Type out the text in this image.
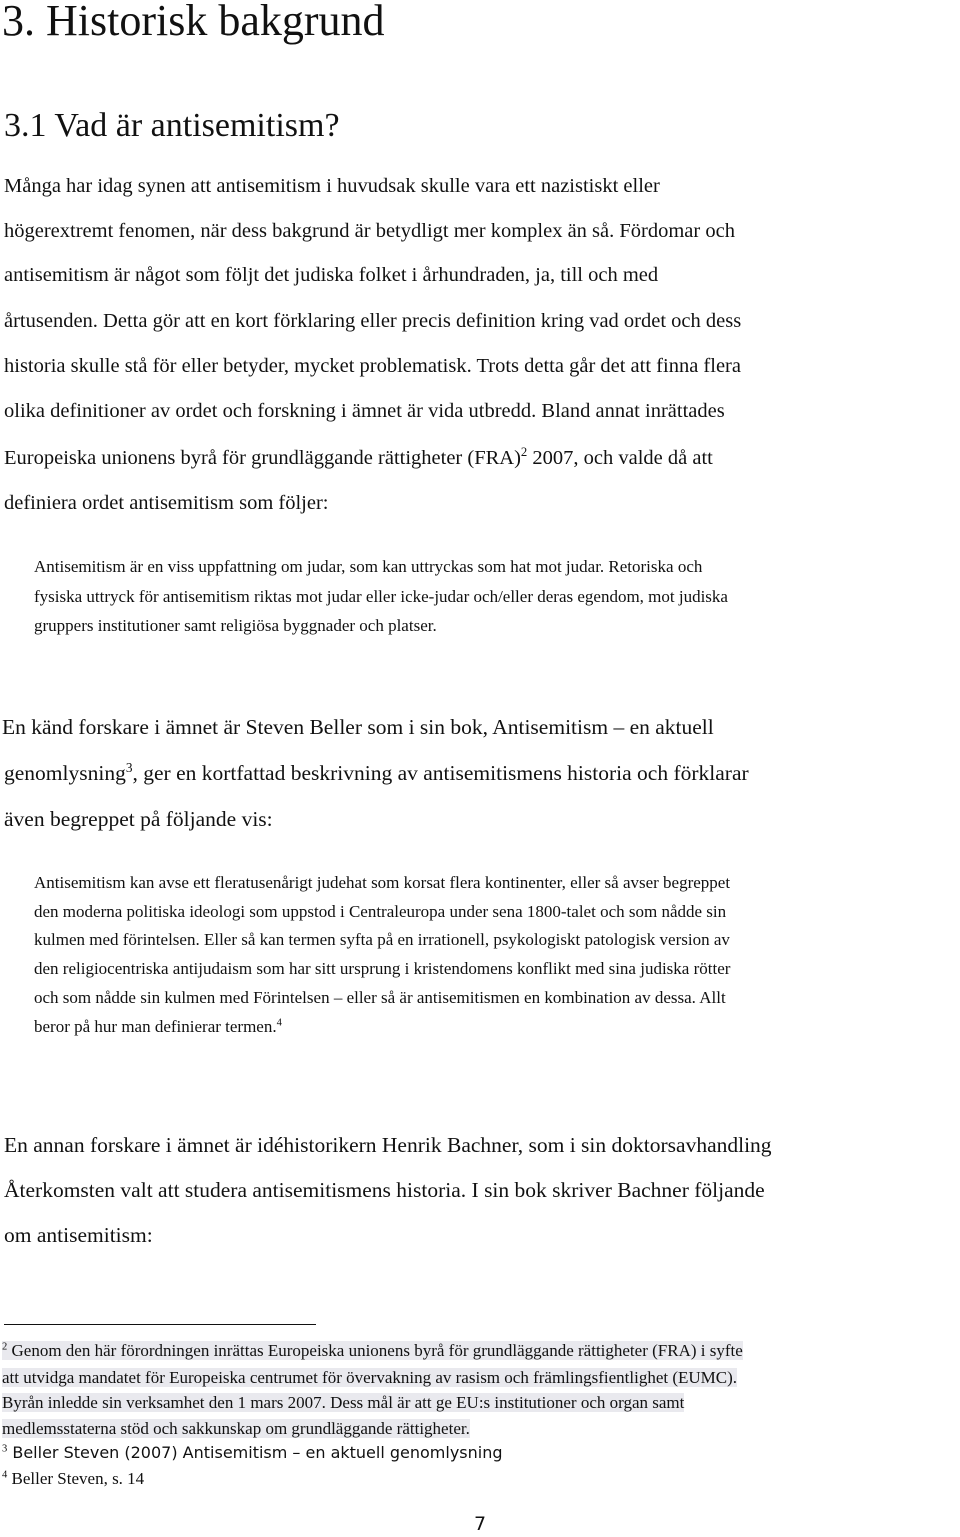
3. Historisk bakgrund
3.1 Vad är antisemitism?
Många har idag synen att antisemitism i huvudsak skulle vara ett nazistiskt eller
högerextremt fenomen, när dess bakgrund är betydligt mer komplex än så. Fördomar och
antisemitism är något som följt det judiska folket i århundraden, ja, till och med
årtusenden. Detta gör att en kort förklaring eller precis definition kring vad ordet och dess
historia skulle stå för eller betyder, mycket problematisk. Trots detta går det att finna flera
olika definitioner av ordet och forskning i ämnet är vida utbredd. Bland annat inrättades
Europeiska unionens byrå för grundläggande rättigheter (FRA)$^2$ 2007, och valde då att
definiera ordet antisemitism som följer:
Antisemitism är en viss uppfattning om judar, som kan uttryckas som hat mot judar. Retoriska och
fysiska uttryck för antisemitism riktas mot judar eller icke-judar och/eller deras egendom, mot judiska
gruppers institutioner samt religiösa byggnader och platser.
En känd forskare i ämnet är Steven Beller som i sin bok, Antisemitism – en aktuell
genomlysning$^3$, ger en kortfattad beskrivning av antisemitismens historia och förklarar
även begreppet på följande vis:
Antisemitism kan avse ett fleratusenårigt judehat som korsat flera kontinenter, eller så avser begreppet
den moderna politiska ideologi som uppstod i Centraleuropa under sena 1800-talet och som nådde sin
kulmen med förintelsen. Eller så kan termen syfta på en irrationell, psykologiskt patologisk version av
den religiocentriska antijudaism som har sitt ursprung i kristendomens konflikt med sina judiska rötter
och som nådde sin kulmen med Förintelsen – eller så är antisemitismen en kombination av dessa. Allt
beror på hur man definierar termen.$^4$
En annan forskare i ämnet är idéhistorikern Henrik Bachner, som i sin doktorsavhandling
Återkomsten valt att studera antisemitismens historia. I sin bok skriver Bachner följande
om antisemitism:
$^2$ Genom den här förordningen inrättas Europeiska unionens byrå för grundläggande rättigheter (FRA) i syfte
att utvidga mandatet för Europeiska centrumet för övervakning av rasism och främlingsfientlighet (EUMC).
Byrån inledde sin verksamhet den 1 mars 2007. Dess mål är att ge EU:s institutioner och organ samt
medlemsstaterna stöd och sakkunskap om grundläggande rättigheter.
$^3$ Beller Steven (2007) Antisemitism – en aktuell genomlysning
$^4$ Beller Steven, s. 14
7
